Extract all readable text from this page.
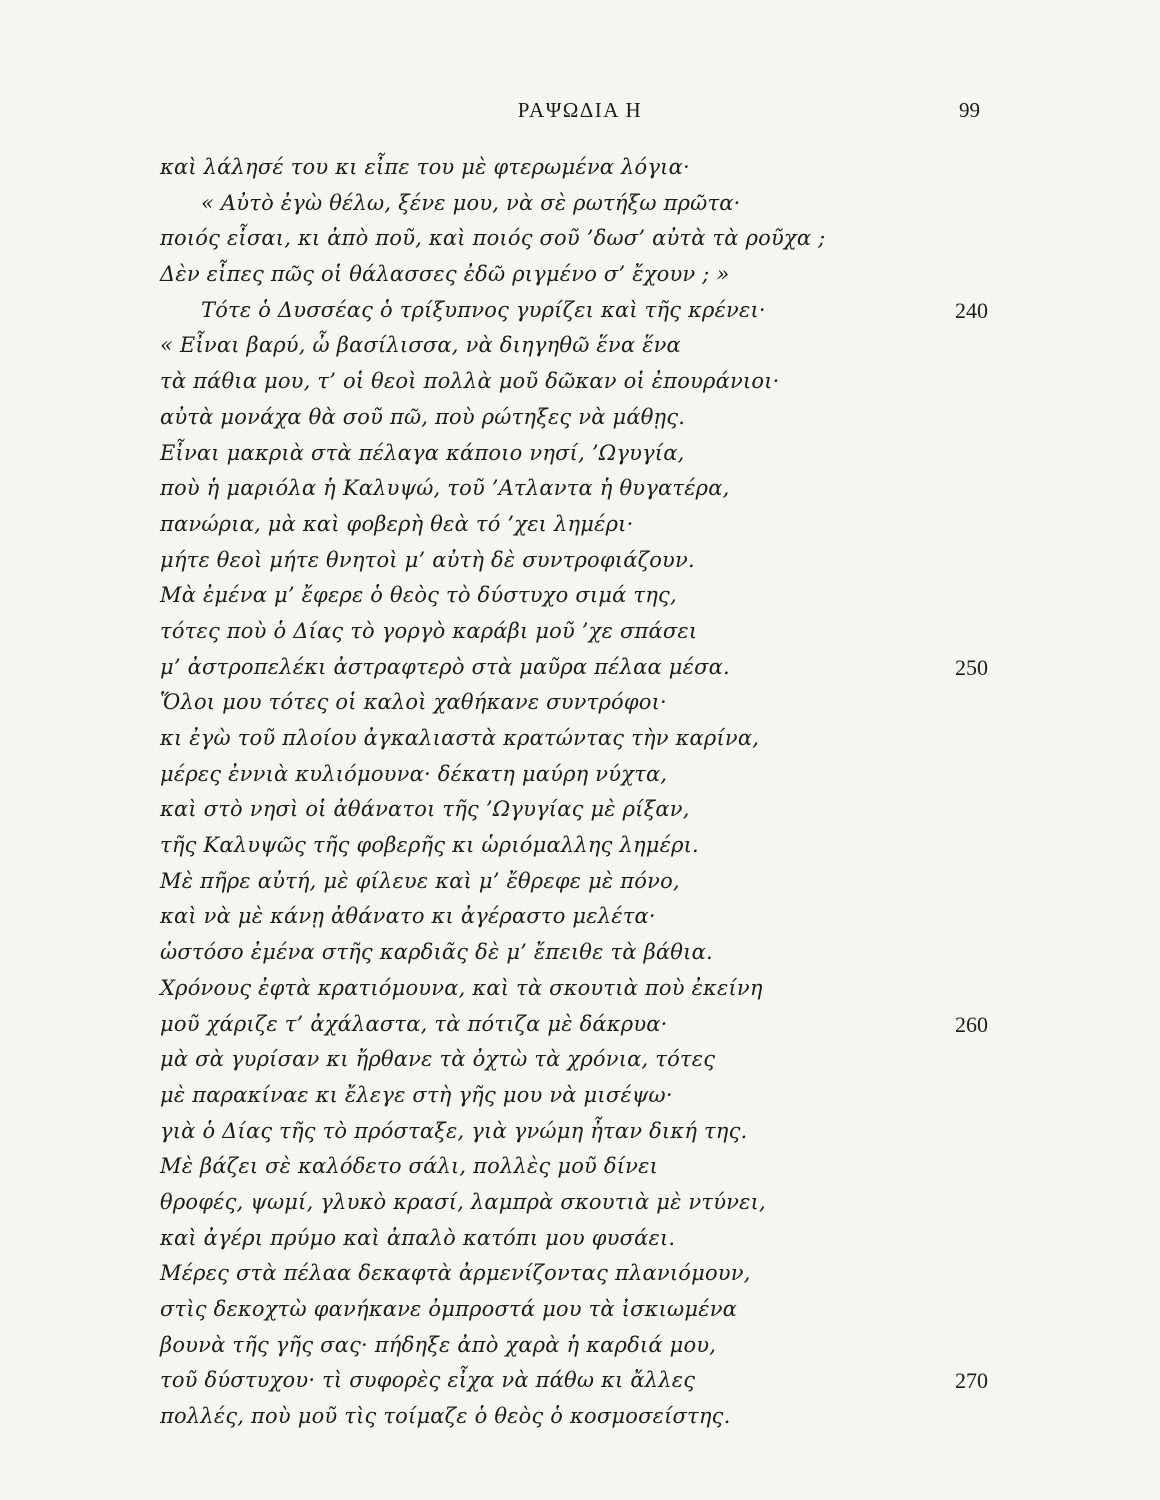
ΡΑΨΩΔΙΑ Η	99
καὶ λάλησέ του κι εἶπε του μὲ φτερωμένα λόγια·
« Αὐτὸ ἐγὼ θέλω, ξένε μου, νὰ σὲ ρωτήξω πρῶτα·
ποιός εἶσαι, κι ἀπὸ ποῦ, καὶ ποιός σοῦ ’δωσ’ αὐτὰ τὰ ροῦχα ;
Δὲν εἶπες πῶς οἱ θάλασσες ἐδῶ ριγμένο σ’ ἔχουν ; »
Τότε ὁ Δυσσέας ὁ τρίξυπνος γυρίζει καὶ τῆς κρένει·	240
« Εἶναι βαρύ, ὦ βασίλισσα, νὰ διηγηθῶ ἕνα ἕνα
τὰ πάθια μου, τ’ οἱ θεοὶ πολλὰ μοῦ δῶκαν οἱ ἐπουράνιοι·
αὐτὰ μονάχα θὰ σοῦ πῶ, ποὺ ρώτηξες νὰ μάθῃς.
Εἶναι μακριὰ στὰ πέλαγα κάποιο νησί, ’Ωγυγία,
ποὺ ἡ μαριόλα ἡ Καλυψώ, τοῦ ’Ατλαντα ἡ θυγατέρα,
πανώρια, μὰ καὶ φοβερὴ θεὰ τό ’χει λημέρι·
μήτε θεοὶ μήτε θνητοὶ μ’ αὐτὴ δὲ συντροφιάζουν.
Μὰ ἐμένα μ’ ἔφερε ὁ θεὸς τὸ δύστυχο σιμά της,
τότες ποὺ ὁ Δίας τὸ γοργὸ καράβι μοῦ ’χε σπάσει
μ’ ἀστροπελέκι ἀστραφτερὸ στὰ μαῦρα πέλαα μέσα.	250
Ὅλοι μου τότες οἱ καλοὶ χαθήκανε συντρόφοι·
κι ἐγὼ τοῦ πλοίου ἀγκαλιαστὰ κρατώντας τὴν καρίνα,
μέρες ἐννιὰ κυλιόμουνα· δέκατη μαύρη νύχτα,
καὶ στὸ νησὶ οἱ ἀθάνατοι τῆς ’Ωγυγίας μὲ ρίξαν,
τῆς Καλυψῶς τῆς φοβερῆς κι ὡριόμαλλης λημέρι.
Μὲ πῆρε αὐτή, μὲ φίλευε καὶ μ’ ἔθρεφε μὲ πόνο,
καὶ νὰ μὲ κάνῃ ἀθάνατο κι ἀγέραστο μελέτα·
ὡστόσο ἐμένα στῆς καρδιᾶς δὲ μ’ ἔπειθε τὰ βάθια.
Χρόνους ἐφτὰ κρατιόμουνα, καὶ τὰ σκουτιὰ ποὺ ἐκείνη
μοῦ χάριζε τ’ ἀχάλαστα, τὰ πότιζα μὲ δάκρυα·	260
μὰ σὰ γυρίσαν κι ἤρθανε τὰ ὀχτὼ τὰ χρόνια, τότες
μὲ παρακίναε κι ἔλεγε στὴ γῆς μου νὰ μισέψω·
γιὰ ὁ Δίας τῆς τὸ πρόσταξε, γιὰ γνώμη ἦταν δική της.
Μὲ βάζει σὲ καλόδετο σάλι, πολλὲς μοῦ δίνει
θροφές, ψωμί, γλυκὸ κρασί, λαμπρὰ σκουτιὰ μὲ ντύνει,
καὶ ἀγέρι πρύμο καὶ ἀπαλὸ κατόπι μου φυσάει.
Μέρες στὰ πέλαα δεκαφτὰ ἀρμενίζοντας πλανιόμουν,
στὶς δεκοχτὼ φανήκανε ὀμπροστά μου τὰ ἰσκιωμένα
βουνὰ τῆς γῆς σας· πήδηξε ἀπὸ χαρὰ ἡ καρδιά μου,
τοῦ δύστυχου· τὶ συφορὲς εἶχα νὰ πάθω κι ἄλλες	270
πολλές, ποὺ μοῦ τὶς τοίμαζε ὁ θεὸς ὁ κοσμοσείστης.
